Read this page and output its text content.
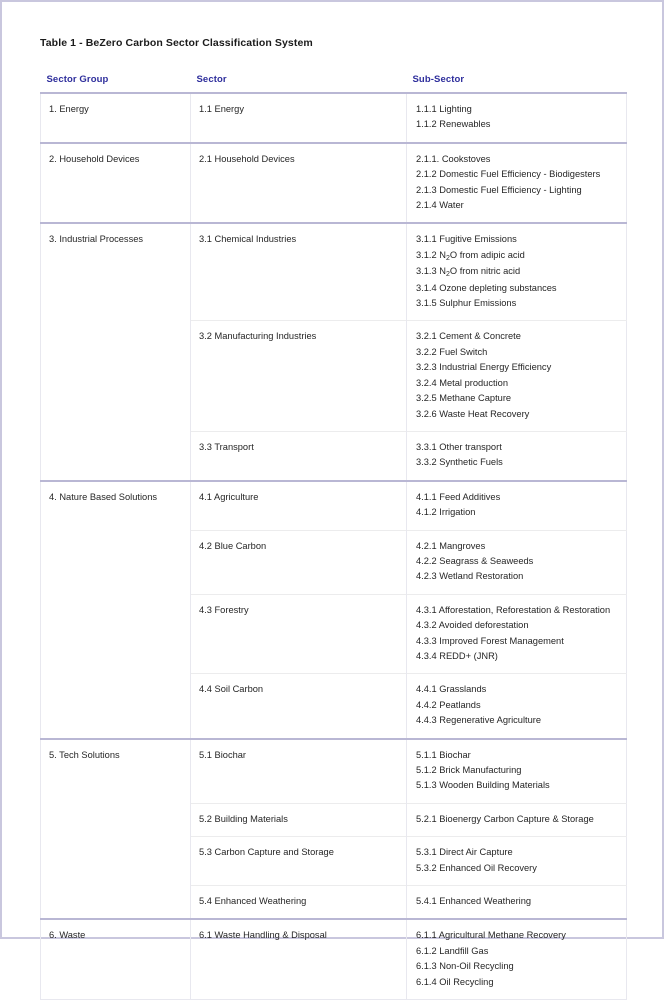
Table 1 - BeZero Carbon Sector Classification System
Sector Group	Sector	Sub-Sector

1. Energy	1.1 Energy	1.1.1 Lighting
1.1.2 Renewables

2. Household Devices	2.1 Household Devices	2.1.1. Cookstoves
2.1.2 Domestic Fuel Efficiency - Biodigesters
2.1.3 Domestic Fuel Efficiency - Lighting
2.1.4 Water

3. Industrial Processes	3.1 Chemical Industries	3.1.1 Fugitive Emissions
3.1.2 $N_2O$ from adipic acid
3.1.3 $N_2O$ from nitric acid
3.1.4 Ozone depleting substances
3.1.5 Sulphur Emissions

3.2 Manufacturing Industries	3.2.1 Cement & Concrete
3.2.2 Fuel Switch
3.2.3 Industrial Energy Efficiency
3.2.4 Metal production
3.2.5 Methane Capture
3.2.6 Waste Heat Recovery

	3.3 Transport	3.3.1 Other transport
3.3.2 Synthetic Fuels

4. Nature Based Solutions	4.1 Agriculture	4.1.1 Feed Additives
4.1.2 Irrigation

	4.2 Blue Carbon	4.2.1 Mangroves
4.2.2 Seagrass & Seaweeds
4.2.3 Wetland Restoration

	4.3 Forestry	4.3.1 Afforestation, Reforestation & Restoration
4.3.2 Avoided deforestation
4.3.3 Improved Forest Management
4.3.4 REDD+ (JNR)

	4.4 Soil Carbon	4.4.1 Grasslands
4.4.2 Peatlands
4.4.3 Regenerative Agriculture

5. Tech Solutions	5.1 Biochar	5.1.1 Biochar
5.1.2 Brick Manufacturing
5.1.3 Wooden Building Materials

	5.2 Building Materials	5.2.1 Bioenergy Carbon Capture & Storage

	5.3 Carbon Capture and Storage	5.3.1 Direct Air Capture
5.3.2 Enhanced Oil Recovery

	5.4 Enhanced Weathering	5.4.1 Enhanced Weathering

6. Waste	6.1 Waste Handling & Disposal	6.1.1 Agricultural Methane Recovery
6.1.2 Landfill Gas
6.1.3 Non-Oil Recycling
6.1.4 Oil Recycling
